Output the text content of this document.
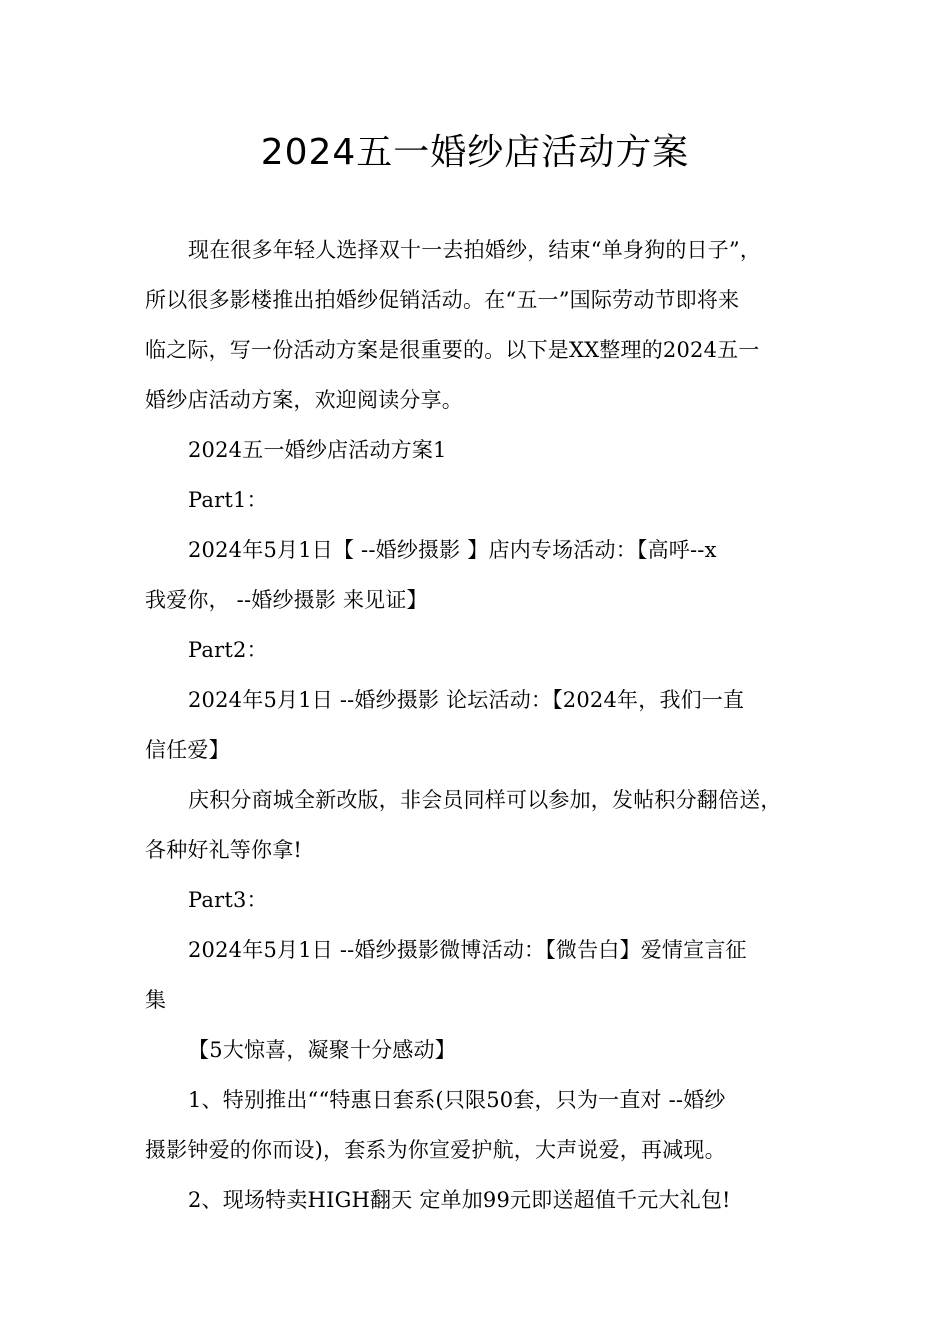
2024五一婚纱店活动方案
现在很多年轻人选择双十一去拍婚纱，结束“单身狗的日子”，
所以很多影楼推出拍婚纱促销活动。在“五一”国际劳动节即将来
临之际，写一份活动方案是很重要的。以下是XX整理的2024五一
婚纱店活动方案，欢迎阅读分享。
2024五一婚纱店活动方案1
Part1：
2024年5月1日【 --婚纱摄影 】店内专场活动：【高呼--x
我爱你， --婚纱摄影 来见证】
Part2：
2024年5月1日 --婚纱摄影 论坛活动：【2024年，我们一直
信任爱】
庆积分商城全新改版，非会员同样可以参加，发帖积分翻倍送，
各种好礼等你拿!
Part3：
2024年5月1日 --婚纱摄影微博活动：【微告白】爱情宣言征
集
【5大惊喜，凝聚十分感动】
1、特别推出““特惠日套系(只限50套，只为一直对 --婚纱
摄影钟爱的你而设)，套系为你宣爱护航，大声说爱，再减现。
2、现场特卖HIGH翻天 定单加99元即送超值千元大礼包!
